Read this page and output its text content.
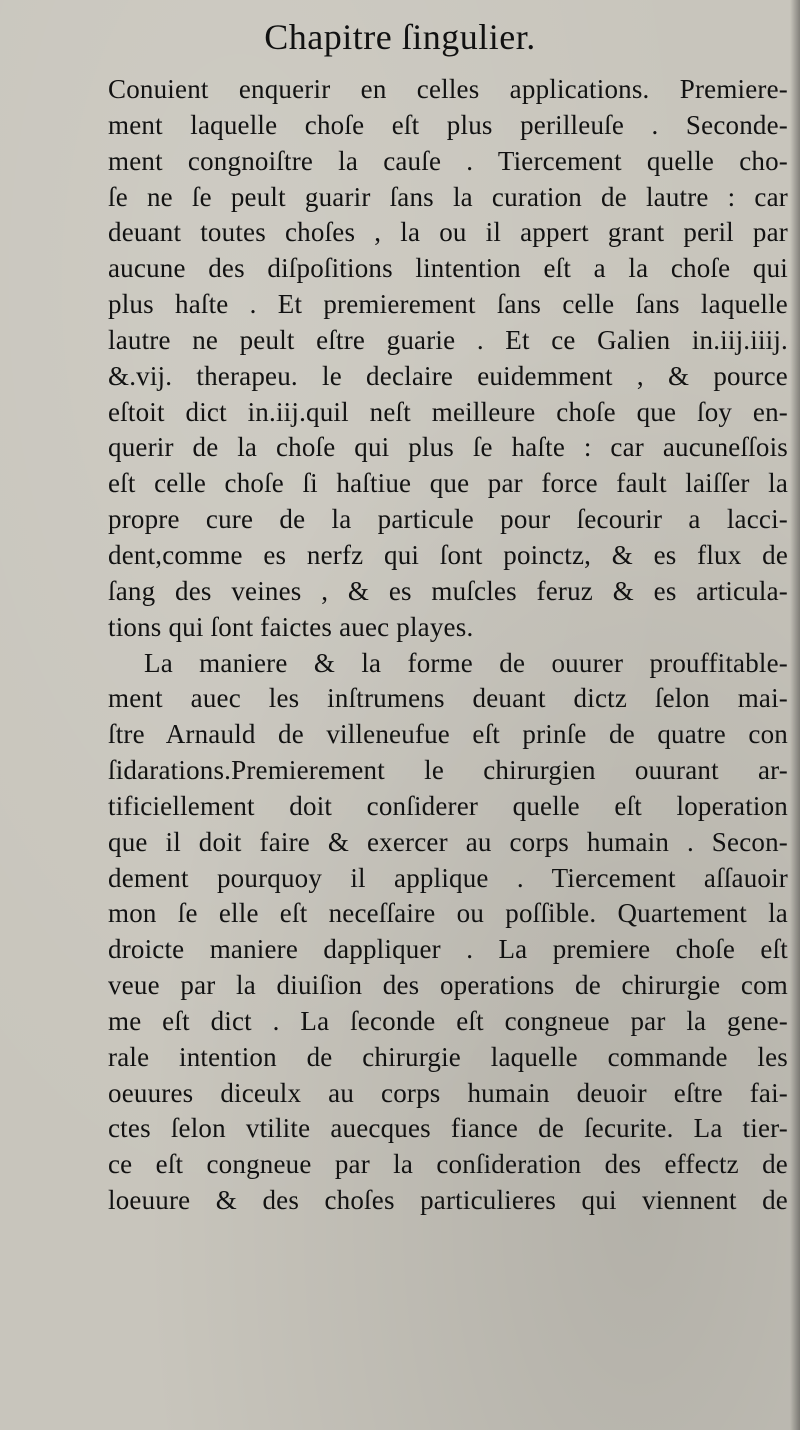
Chapitre ſingulier.
Conuient enquerir en celles applications. Premiere-
ment laquelle choſe eſt plus perilleuſe . Seconde-
ment congnoiſtre la cauſe . Tiercement quelle cho-
ſe ne ſe peult guarir ſans la curation de lautre : car
deuant toutes choſes , la ou il appert grant peril par
aucune des diſpoſitions lintention eſt a la choſe qui
plus haſte . Et premierement ſans celle ſans laquelle
lautre ne peult eſtre guarie . Et ce Galien in.iij.iiij.
&.vij. therapeu. le declaire euidemment , & pource
eſtoit dict in.iij.quil neſt meilleure choſe que ſoy en-
querir de la choſe qui plus ſe haſte : car aucuneſſois
eſt celle choſe ſi haſtiue que par force fault laiſſer la
propre cure de la particule pour ſecourir a lacci-
dent,comme es nerfz qui ſont poinctz, & es flux de
ſang des veines , & es muſcles feruz & es articula-
tions qui ſont faictes auec playes.
La maniere & la forme de ouurer prouffitable-
ment auec les inſtrumens deuant dictz ſelon mai-
ſtre Arnauld de villeneufue eſt prinſe de quatre con
ſidarations.Premierement le chirurgien ouurant ar-
tificiellement doit conſiderer quelle eſt loperation
que il doit faire & exercer au corps humain . Secon-
dement pourquoy il applique . Tiercement aſſauoir
mon ſe elle eſt neceſſaire ou poſſible. Quartement la
droicte maniere dappliquer . La premiere choſe eſt
veue par la diuiſion des operations de chirurgie com
me eſt dict . La ſeconde eſt congneue par la gene-
rale intention de chirurgie laquelle commande les
oeuures diceulx au corps humain deuoir eſtre fai-
ctes ſelon vtilite auecques fiance de ſecurite. La tier-
ce eſt congneue par la conſideration des effectz de
loeuure & des choſes particulieres qui viennent de
